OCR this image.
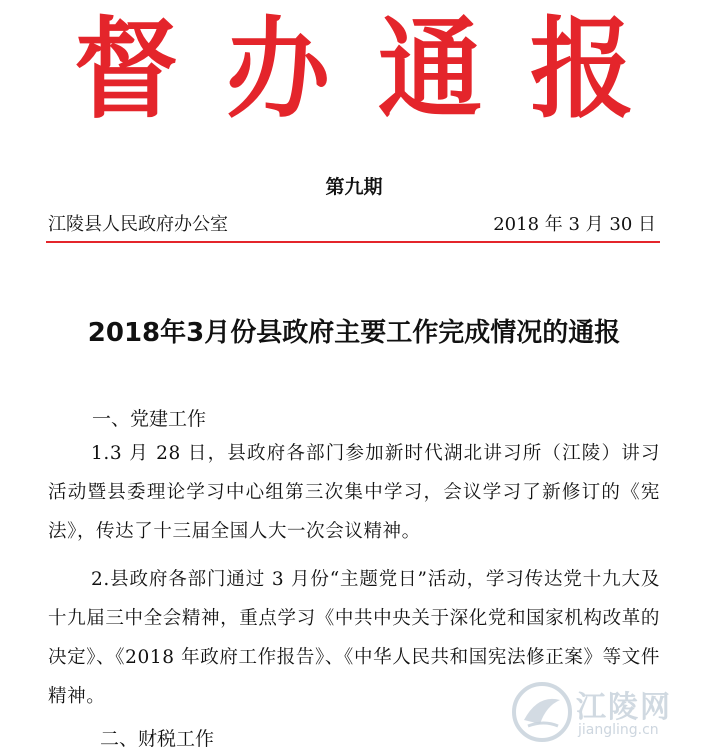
督办通报
第九期
江陵县人民政府办公室	2018 年 3 月 30 日
2018年3月份县政府主要工作完成情况的通报
一、党建工作
1.3 月 28 日，县政府各部门参加新时代湖北讲习所（江陵）讲习活动暨县委理论学习中心组第三次集中学习，会议学习了新修订的《宪法》，传达了十三届全国人大一次会议精神。
2.县政府各部门通过 3 月份“主题党日”活动，学习传达党十九大及十九届三中全会精神，重点学习《中共中央关于深化党和国家机构改革的决定》、《2018 年政府工作报告》、《中华人民共和国宪法修正案》等文件精神。
二、财税工作
江陵网
jiangling.cn
